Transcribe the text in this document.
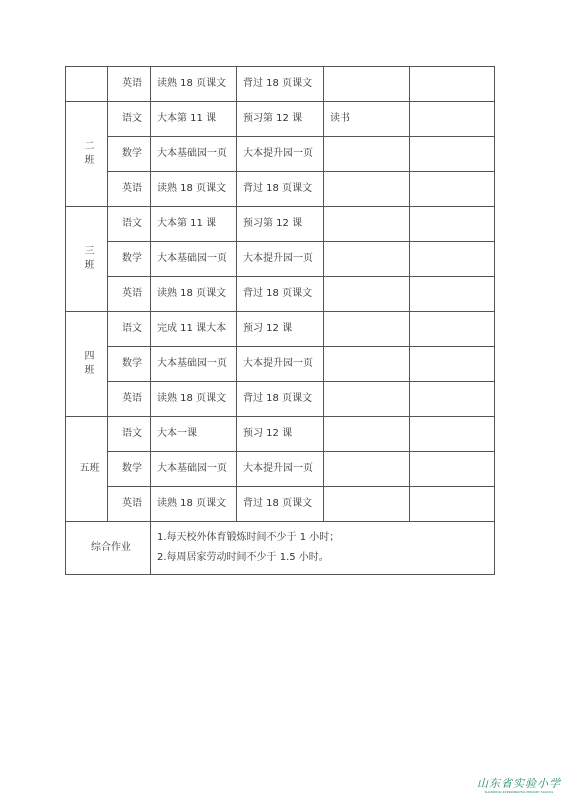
	英语	读熟 18 页课文	背过 18 页课文		

二
班	语文	大本第 11 课	预习第 12 课	读书	
	数学	大本基础园一页	大本提升园一页		
	英语	读熟 18 页课文	背过 18 页课文		

三
班	语文	大本第 11 课	预习第 12 课		
	数学	大本基础园一页	大本提升园一页		
	英语	读熟 18 页课文	背过 18 页课文		

四
班	语文	完成 11 课大本	预习 12 课		
	数学	大本基础园一页	大本提升园一页		
	英语	读熟 18 页课文	背过 18 页课文		

五班	语文	大本一课	预习 12 课		
	数学	大本基础园一页	大本提升园一页		
	英语	读熟 18 页课文	背过 18 页课文		
综合作业		1.每天校外体育锻炼时间不少于 1 小时；
2.每周居家劳动时间不少于 1.5 小时。			
山东省实验小学
SHANDONG EXPERIMENTAL PRIMARY SCHOOL
